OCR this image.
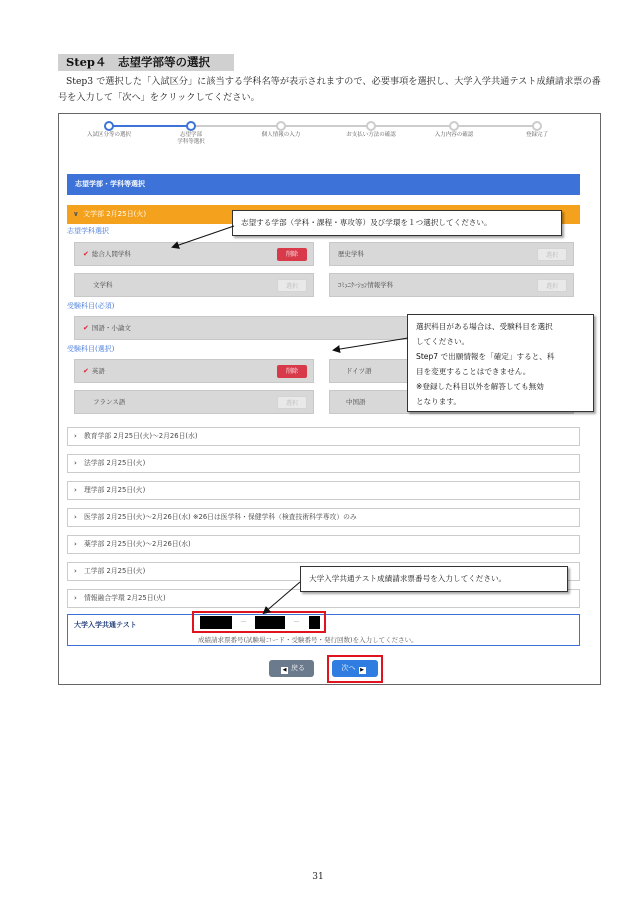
Step４　志望学部等の選択

Step3 で選択した「入試区分」に該当する学科名等が表示されますので、必要事項を選択し、大学入学共通テスト成績請求票の番号を入力して「次へ」をクリックしてください。

入試区分等の選択	志望学部
学科等選択
個人情報の入力	お支払い方法の確認	入力内容の確認	登録完了
志望学部・学科等選択
∨ 文学部 2月25日(火)
志望学科選択
✔ 総合人間学科	削除	歴史学科	選択
文学科	選択	ｺﾐｭﾆｹｰｼｮﾝ情報学科	選択
受験科目(必須)
✔ 国語・小論文
受験科目(選択)
✔ 英語	削除	ドイツ語
フランス語	選択	中国語
› 教育学部 2月25日(火)〜2月26日(水)
› 法学部 2月25日(火)
› 理学部 2月25日(火)
› 医学部 2月25日(火)〜2月26日(水) ※26日は医学科・保健学科（検査技術科学専攻）のみ
› 薬学部 2月25日(火)〜2月26日(水)
› 工学部 2月25日(火)
› 情報融合学環 2月25日(火)
大学入学共通テスト
成績請求票番号(試験場コード・受験番号・発行回数)を入力してください。
－	－
◀ 戻る	次へ ▶
志望する学部（学科・課程・専攻等）及び学環を１つ選択してください。
選択科目がある場合は、受験科目を選択
してください。
Step7 で出願情報を「確定」すると、科
目を変更することはできません。
※登録した科目以外を解答しても無効
となります。
大学入学共通テスト成績請求票番号を入力してください。
31
